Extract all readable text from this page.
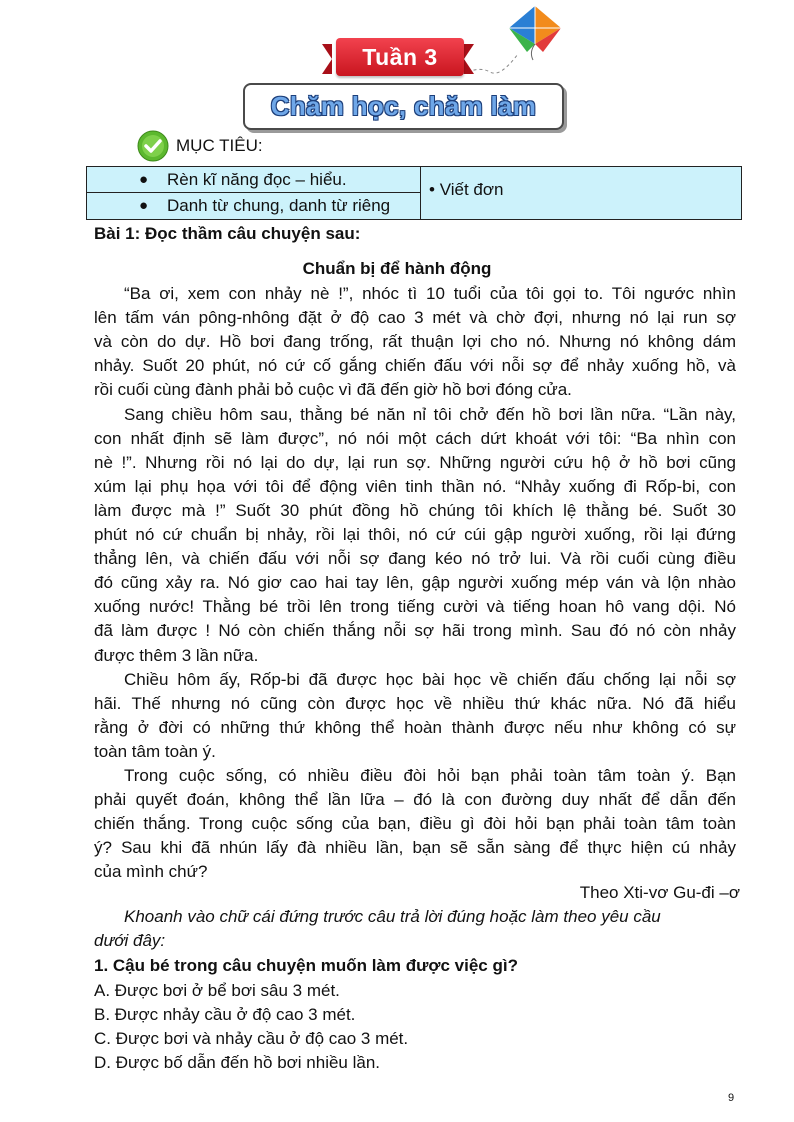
Tuần 3
Chăm học, chăm làm
MỤC TIÊU:
● Rèn kĩ năng đọc – hiểu.
● Danh từ chung, danh từ riêng
• Viết đơn
Bài 1: Đọc thầm câu chuyện sau:
Chuẩn bị để hành động
“Ba ơi, xem con nhảy nè !”, nhóc tì 10 tuổi của tôi gọi to. Tôi ngước nhìn
lên tấm ván pông-nhông đặt ở độ cao 3 mét và chờ đợi, nhưng nó lại run sợ
và còn do dự. Hồ bơi đang trống, rất thuận lợi cho nó. Nhưng nó không dám
nhảy. Suốt 20 phút, nó cứ cố gắng chiến đấu với nỗi sợ để nhảy xuống hồ, và
rồi cuối cùng đành phải bỏ cuộc vì đã đến giờ hồ bơi đóng cửa.
Sang chiều hôm sau, thằng bé năn nỉ tôi chở đến hồ bơi lần nữa. “Lần này,
con nhất định sẽ làm được”, nó nói một cách dứt khoát với tôi: “Ba nhìn con
nè !”. Nhưng rồi nó lại do dự, lại run sợ. Những người cứu hộ ở hồ bơi cũng
xúm lại phụ họa với tôi để động viên tinh thần nó. “Nhảy xuống đi Rốp-bi, con
làm được mà !” Suốt 30 phút đồng hồ chúng tôi khích lệ thằng bé. Suốt 30
phút nó cứ chuẩn bị nhảy, rồi lại thôi, nó cứ cúi gập người xuống, rồi lại đứng
thẳng lên, và chiến đấu với nỗi sợ đang kéo nó trở lui. Và rồi cuối cùng điều
đó cũng xảy ra. Nó giơ cao hai tay lên, gập người xuống mép ván và lộn nhào
xuống nước! Thằng bé trồi lên trong tiếng cười và tiếng hoan hô vang dội. Nó
đã làm được ! Nó còn chiến thắng nỗi sợ hãi trong mình. Sau đó nó còn nhảy
được thêm 3 lần nữa.
Chiều hôm ấy, Rốp-bi đã được học bài học về chiến đấu chống lại nỗi sợ
hãi. Thế nhưng nó cũng còn được học về nhiều thứ khác nữa. Nó đã hiểu
rằng ở đời có những thứ không thể hoàn thành được nếu như không có sự
toàn tâm toàn ý.
Trong cuộc sống, có nhiều điều đòi hỏi bạn phải toàn tâm toàn ý. Bạn
phải quyết đoán, không thể lần lữa – đó là con đường duy nhất để dẫn đến
chiến thắng. Trong cuộc sống của bạn, điều gì đòi hỏi bạn phải toàn tâm toàn
ý? Sau khi đã nhún lấy đà nhiều lần, bạn sẽ sẵn sàng để thực hiện cú nhảy
của mình chứ?
Theo Xti-vơ Gu-đi –ơ
Khoanh vào chữ cái đứng trước câu trả lời đúng hoặc làm theo yêu cầu
dưới đây:
1. Cậu bé trong câu chuyện muốn làm được việc gì?
A. Được bơi ở bể bơi sâu 3 mét.
B. Được nhảy cầu ở độ cao 3 mét.
C. Được bơi và nhảy cầu ở độ cao 3 mét.
D. Được bố dẫn đến hồ bơi nhiều lần.
9
